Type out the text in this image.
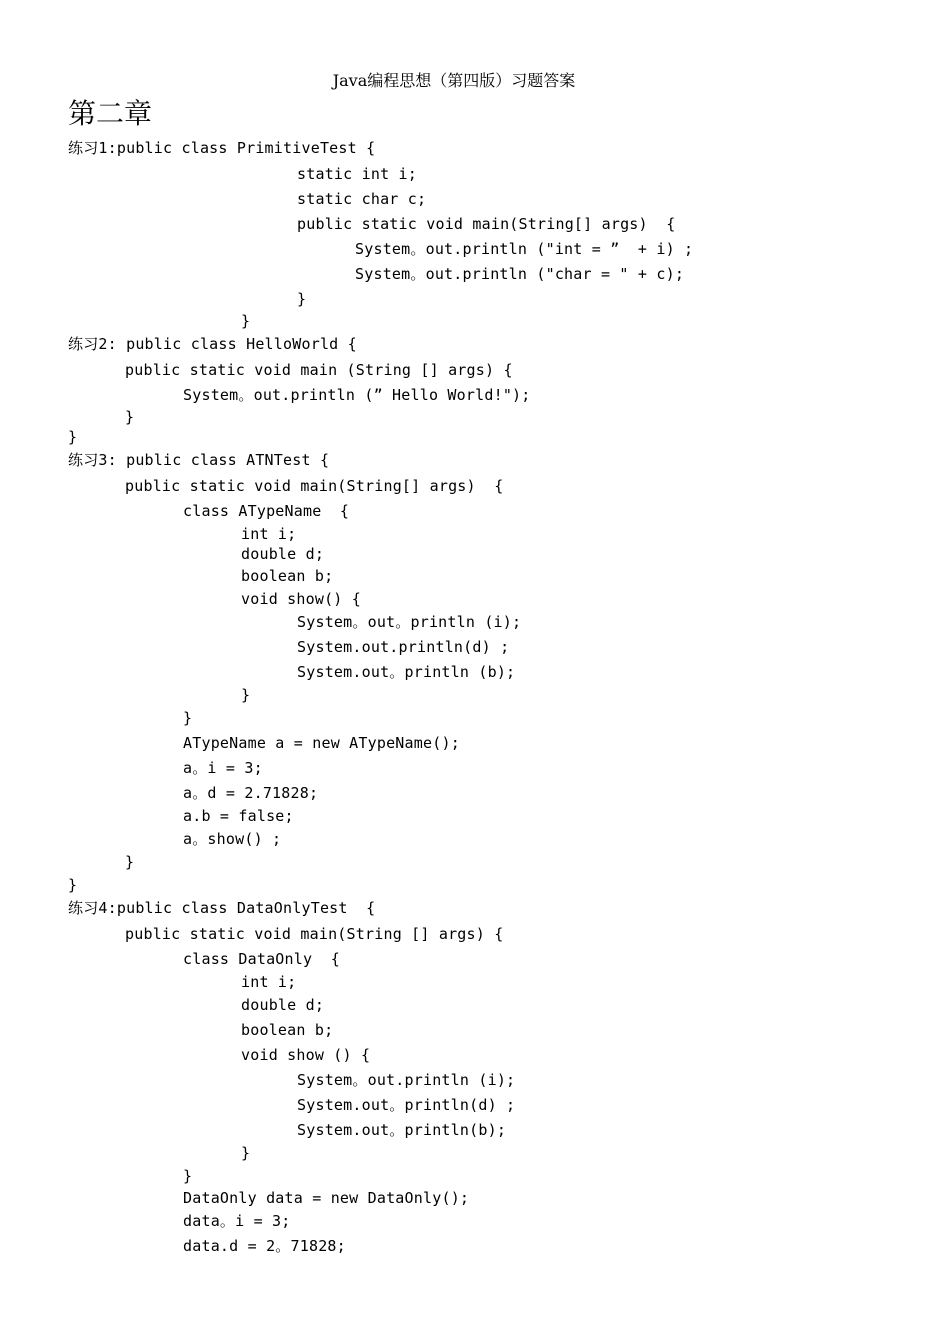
Java编程思想（第四版）习题答案
第二章
练习1:public class PrimitiveTest {
static int i;
static char c;
public static void main(String[] args)  {
System。out.println ("int = ”  + i) ;
System。out.println ("char = " + c);
}
}
练习2: public class HelloWorld {
public static void main (String [] args) {
System。out.println (” Hello World!");
}
}
练习3: public class ATNTest {
public static void main(String[] args)  {
class ATypeName  {
int i;
double d;
boolean b;
void show() {
System。out。println (i);
System.out.println(d) ;
System.out。println (b);
}
}
ATypeName a = new ATypeName();
a。i = 3;
a。d = 2.71828;
a.b = false;
a。show() ;
}
}
练习4:public class DataOnlyTest  {
public static void main(String [] args) {
class DataOnly  {
int i;
double d;
boolean b;
void show () {
System。out.println (i);
System.out。println(d) ;
System.out。println(b);
}
}
DataOnly data = new DataOnly();
data。i = 3;
data.d = 2。71828;
